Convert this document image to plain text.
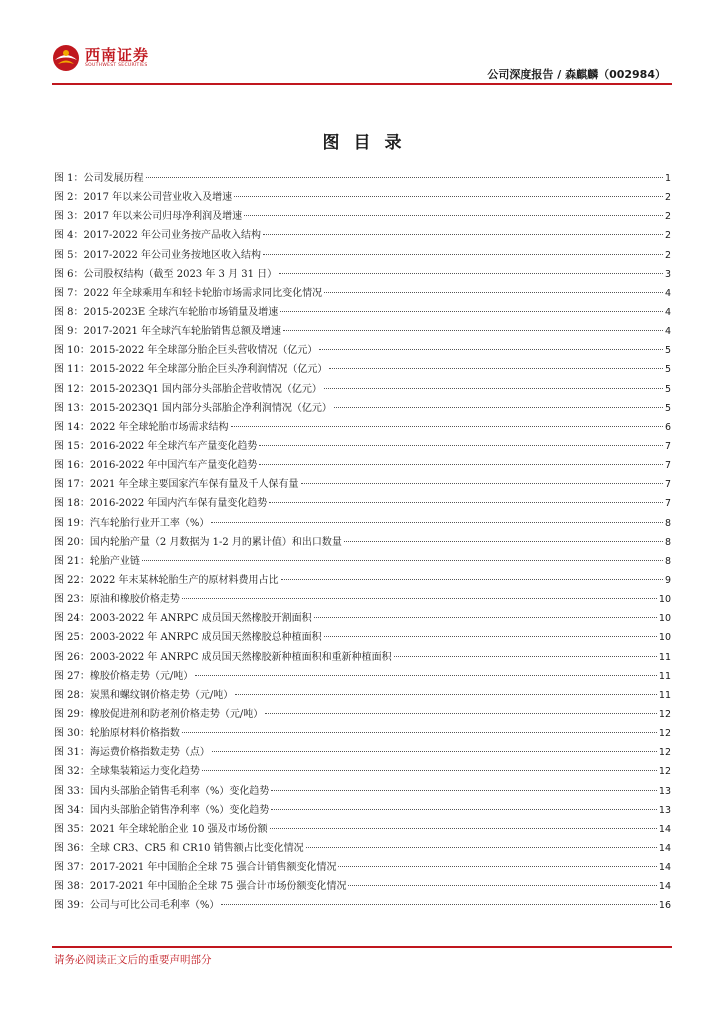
西南证券
SOUTHWEST SECURITIES
公司深度报告 / 森麒麟（002984）
图目录
图 1：公司发展历程	1
图 2：2017 年以来公司营业收入及增速	2
图 3：2017 年以来公司归母净利润及增速	2
图 4：2017-2022 年公司业务按产品收入结构	2
图 5：2017-2022 年公司业务按地区收入结构	2
图 6：公司股权结构（截至 2023 年 3 月 31 日）	3
图 7：2022 年全球乘用车和轻卡轮胎市场需求同比变化情况	4
图 8：2015-2023E 全球汽车轮胎市场销量及增速	4
图 9：2017-2021 年全球汽车轮胎销售总额及增速	4
图 10：2015-2022 年全球部分胎企巨头营收情况（亿元）	5
图 11：2015-2022 年全球部分胎企巨头净利润情况（亿元）	5
图 12：2015-2023Q1 国内部分头部胎企营收情况（亿元）	5
图 13：2015-2023Q1 国内部分头部胎企净利润情况（亿元）	5
图 14：2022 年全球轮胎市场需求结构	6
图 15：2016-2022 年全球汽车产量变化趋势	7
图 16：2016-2022 年中国汽车产量变化趋势	7
图 17：2021 年全球主要国家汽车保有量及千人保有量	7
图 18：2016-2022 年国内汽车保有量变化趋势	7
图 19：汽车轮胎行业开工率（%）	8
图 20：国内轮胎产量（2 月数据为 1-2 月的累计值）和出口数量	8
图 21：轮胎产业链	8
图 22：2022 年末某林轮胎生产的原材料费用占比	9
图 23：原油和橡胶价格走势	10
图 24：2003-2022 年 ANRPC 成员国天然橡胶开割面积	10
图 25：2003-2022 年 ANRPC 成员国天然橡胶总种植面积	10
图 26：2003-2022 年 ANRPC 成员国天然橡胶新种植面积和重新种植面积	11
图 27：橡胶价格走势（元/吨）	11
图 28：炭黑和螺纹钢价格走势（元/吨）	11
图 29：橡胶促进剂和防老剂价格走势（元/吨）	12
图 30：轮胎原材料价格指数	12
图 31：海运费价格指数走势（点）	12
图 32：全球集装箱运力变化趋势	12
图 33：国内头部胎企销售毛利率（%）变化趋势	13
图 34：国内头部胎企销售净利率（%）变化趋势	13
图 35：2021 年全球轮胎企业 10 强及市场份额	14
图 36：全球 CR3、CR5 和 CR10 销售额占比变化情况	14
图 37：2017-2021 年中国胎企全球 75 强合计销售额变化情况	14
图 38：2017-2021 年中国胎企全球 75 强合计市场份额变化情况	14
图 39：公司与可比公司毛利率（%）	16
请务必阅读正文后的重要声明部分
